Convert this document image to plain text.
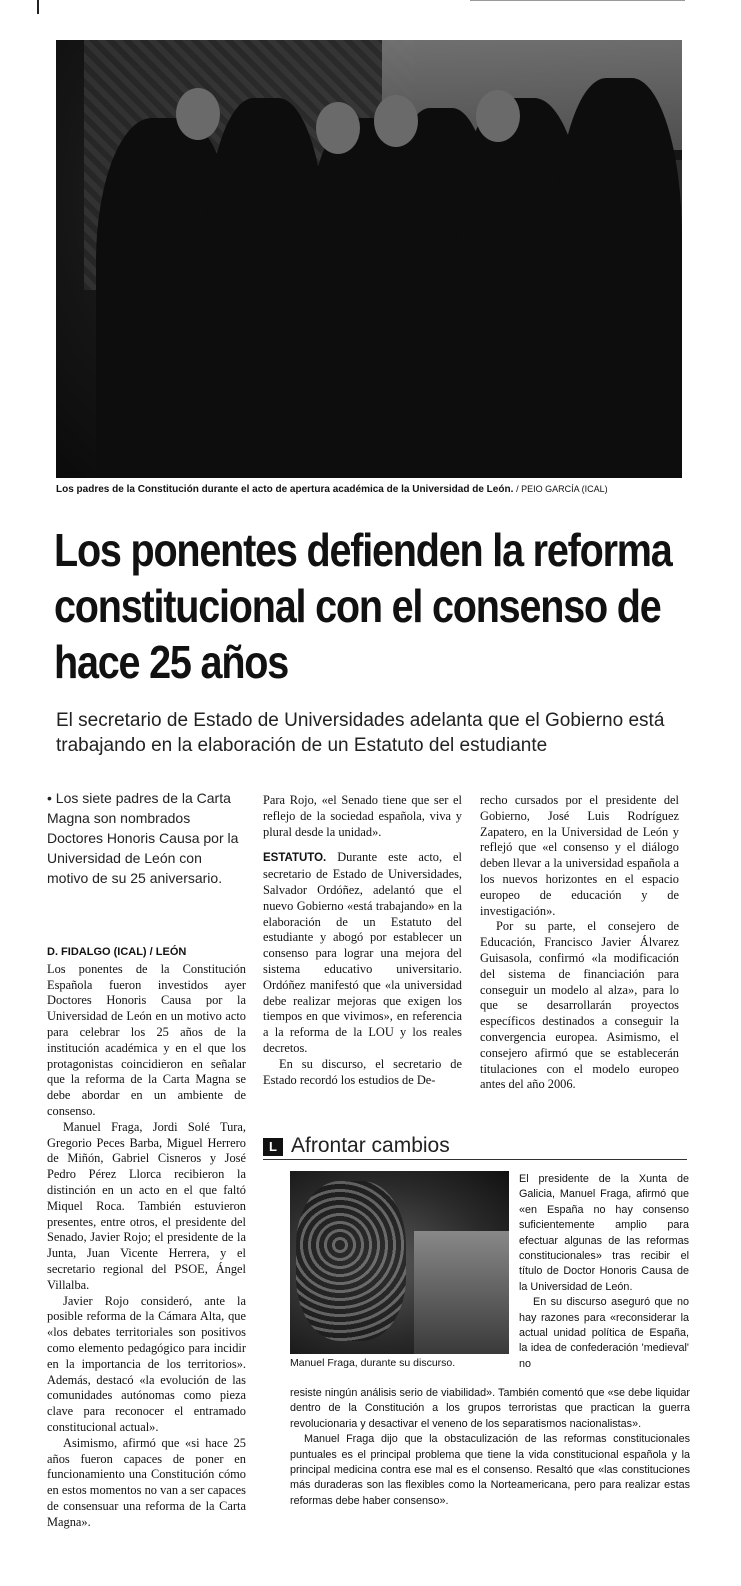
Los padres de la Constitución durante el acto de apertura académica de la Universidad de León. / PEIO GARCÍA (ICAL)
Los ponentes defienden la reforma constitucional con el consenso de hace 25 años
El secretario de Estado de Universidades adelanta que el Gobierno está trabajando en la elaboración de un Estatuto del estudiante
• Los siete padres de la Carta Magna son nombrados Doctores Honoris Causa por la Universidad de León con motivo de su 25 aniversario.
D. FIDALGO (ICAL) / LEÓN

Los ponentes de la Constitución Española fueron investidos ayer Doctores Honoris Causa por la Universidad de León en un motivo acto para celebrar los 25 años de la institución académica y en el que los protagonistas coincidieron en señalar que la reforma de la Carta Magna se debe abordar en un ambiente de consenso.

Manuel Fraga, Jordi Solé Tura, Gregorio Peces Barba, Miguel Herrero de Miñón, Gabriel Cisneros y José Pedro Pérez Llorca recibieron la distinción en un acto en el que faltó Miquel Roca. También estuvieron presentes, entre otros, el presidente del Senado, Javier Rojo; el presidente de la Junta, Juan Vicente Herrera, y el secretario regional del PSOE, Ángel Villalba.

Javier Rojo consideró, ante la posible reforma de la Cámara Alta, que «los debates territoriales son positivos como elemento pedagógico para incidir en la importancia de los territorios». Además, destacó «la evolución de las comunidades autónomas como pieza clave para reconocer el entramado constitucional actual».

Asimismo, afirmó que «si hace 25 años fueron capaces de poner en funcionamiento una Constitución cómo en estos momentos no van a ser capaces de consensuar una reforma de la Carta Magna».

Para Rojo, «el Senado tiene que ser el reflejo de la sociedad española, viva y plural desde la unidad».

ESTATUTO. Durante este acto, el secretario de Estado de Universidades, Salvador Ordóñez, adelantó que el nuevo Gobierno «está trabajando» en la elaboración de un Estatuto del estudiante y abogó por establecer un consenso para lograr una mejora del sistema educativo universitario. Ordóñez manifestó que «la universidad debe realizar mejoras que exigen los tiempos en que vivimos», en referencia a la reforma de la LOU y los reales decretos.

En su discurso, el secretario de Estado recordó los estudios de De-

recho cursados por el presidente del Gobierno, José Luis Rodríguez Zapatero, en la Universidad de León y reflejó que «el consenso y el diálogo deben llevar a la universidad española a los nuevos horizontes en el espacio europeo de educación y de investigación».

Por su parte, el consejero de Educación, Francisco Javier Álvarez Guisasola, confirmó «la modificación del sistema de financiación para conseguir un modelo al alza», para lo que se desarrollarán proyectos específicos destinados a conseguir la convergencia europea. Asimismo, el consejero afirmó que se establecerán titulaciones con el modelo europeo antes del año 2006.

L Afrontar cambios
Manuel Fraga, durante su discurso.

El presidente de la Xunta de Galicia, Manuel Fraga, afirmó que «en España no hay consenso suficientemente amplio para efectuar algunas de las reformas constitucionales» tras recibir el título de Doctor Honoris Causa de la Universidad de León.

En su discurso aseguró que no hay razones para «reconsiderar la actual unidad política de España, la idea de confederación 'medieval' no

resiste ningún análisis serio de viabilidad». También comentó que «se debe liquidar dentro de la Constitución a los grupos terroristas que practican la guerra revolucionaria y desactivar el veneno de los separatismos nacionalistas».

Manuel Fraga dijo que la obstaculización de las reformas constitucionales puntuales es el principal problema que tiene la vida constitucional española y la principal medicina contra ese mal es el consenso. Resaltó que «las constituciones más duraderas son las flexibles como la Norteamericana, pero para realizar estas reformas debe haber consenso».
